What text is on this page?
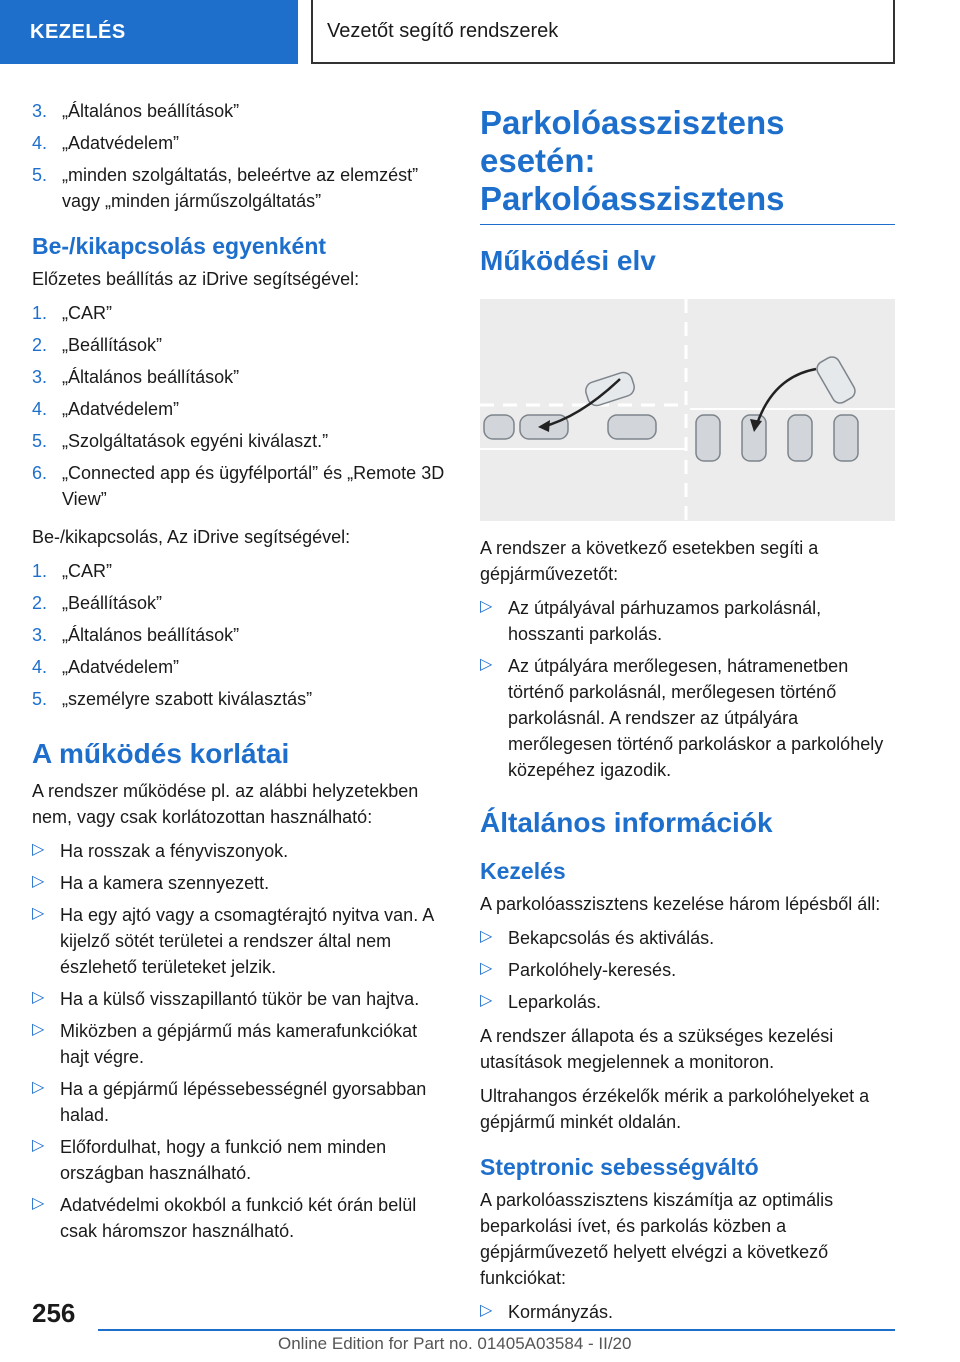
KEZELÉS	Vezetőt segítő rendszerek
3. „Általános beállítások”
4. „Adatvédelem”
5. „minden szolgáltatás, beleértve az elemzést” vagy „minden járműszolgáltatás”
Be-/kikapcsolás egyenként

Előzetes beállítás az iDrive segítségével:

1. „CAR”
2. „Beállítások”
3. „Általános beállítások”
4. „Adatvédelem”
5. „Szolgáltatások egyéni kiválaszt.”
6. „Connected app és ügyfélportál” és „Remote 3D View”

Be-/kikapcsolás, Az iDrive segítségével:

1. „CAR”
2. „Beállítások”
3. „Általános beállítások”
4. „Adatvédelem”
5. „személyre szabott kiválasztás”
A működés korlátai

A rendszer működése pl. az alábbi helyzetekben nem, vagy csak korlátozottan használható:

▷ Ha rosszak a fényviszonyok.
▷ Ha a kamera szennyezett.
▷ Ha egy ajtó vagy a csomagtérajtó nyitva van. A kijelző sötét területei a rendszer által nem észlehető területeket jelzik.
▷ Ha a külső visszapillantó tükör be van hajtva.
▷ Miközben a gépjármű más kamerafunkciókat hajt végre.
▷ Ha a gépjármű lépéssebességnél gyorsabban halad.
▷ Előfordulhat, hogy a funkció nem minden országban használható.
▷ Adatvédelmi okokból a funkció két órán belül csak háromszor használható.
Parkolóasszisztens esetén: Parkolóasszisztens
Működési elv

A rendszer a következő esetekben segíti a gépjárművezetőt:

▷ Az útpályával párhuzamos parkolásnál, hosszanti parkolás.
▷ Az útpályára merőlegesen, hátramenetben történő parkolásnál, merőlegesen történő parkolásnál. A rendszer az útpályára merőlegesen történő parkoláskor a parkolóhely közepéhez igazodik.
Általános információk
Kezelés

A parkolóasszisztens kezelése három lépésből áll:

▷ Bekapcsolás és aktiválás.
▷ Parkolóhely-keresés.
▷ Leparkolás.

A rendszer állapota és a szükséges kezelési utasítások megjelennek a monitoron.

Ultrahangos érzékelők mérik a parkolóhelyeket a gépjármű minkét oldalán.

Steptronic sebességváltó

A parkolóasszisztens kiszámítja az optimális beparkolási ívet, és parkolás közben a gépjárművezető helyett elvégzi a következő funkciókat:

▷ Kormányzás.
256
Online Edition for Part no. 01405A03584 - II/20
